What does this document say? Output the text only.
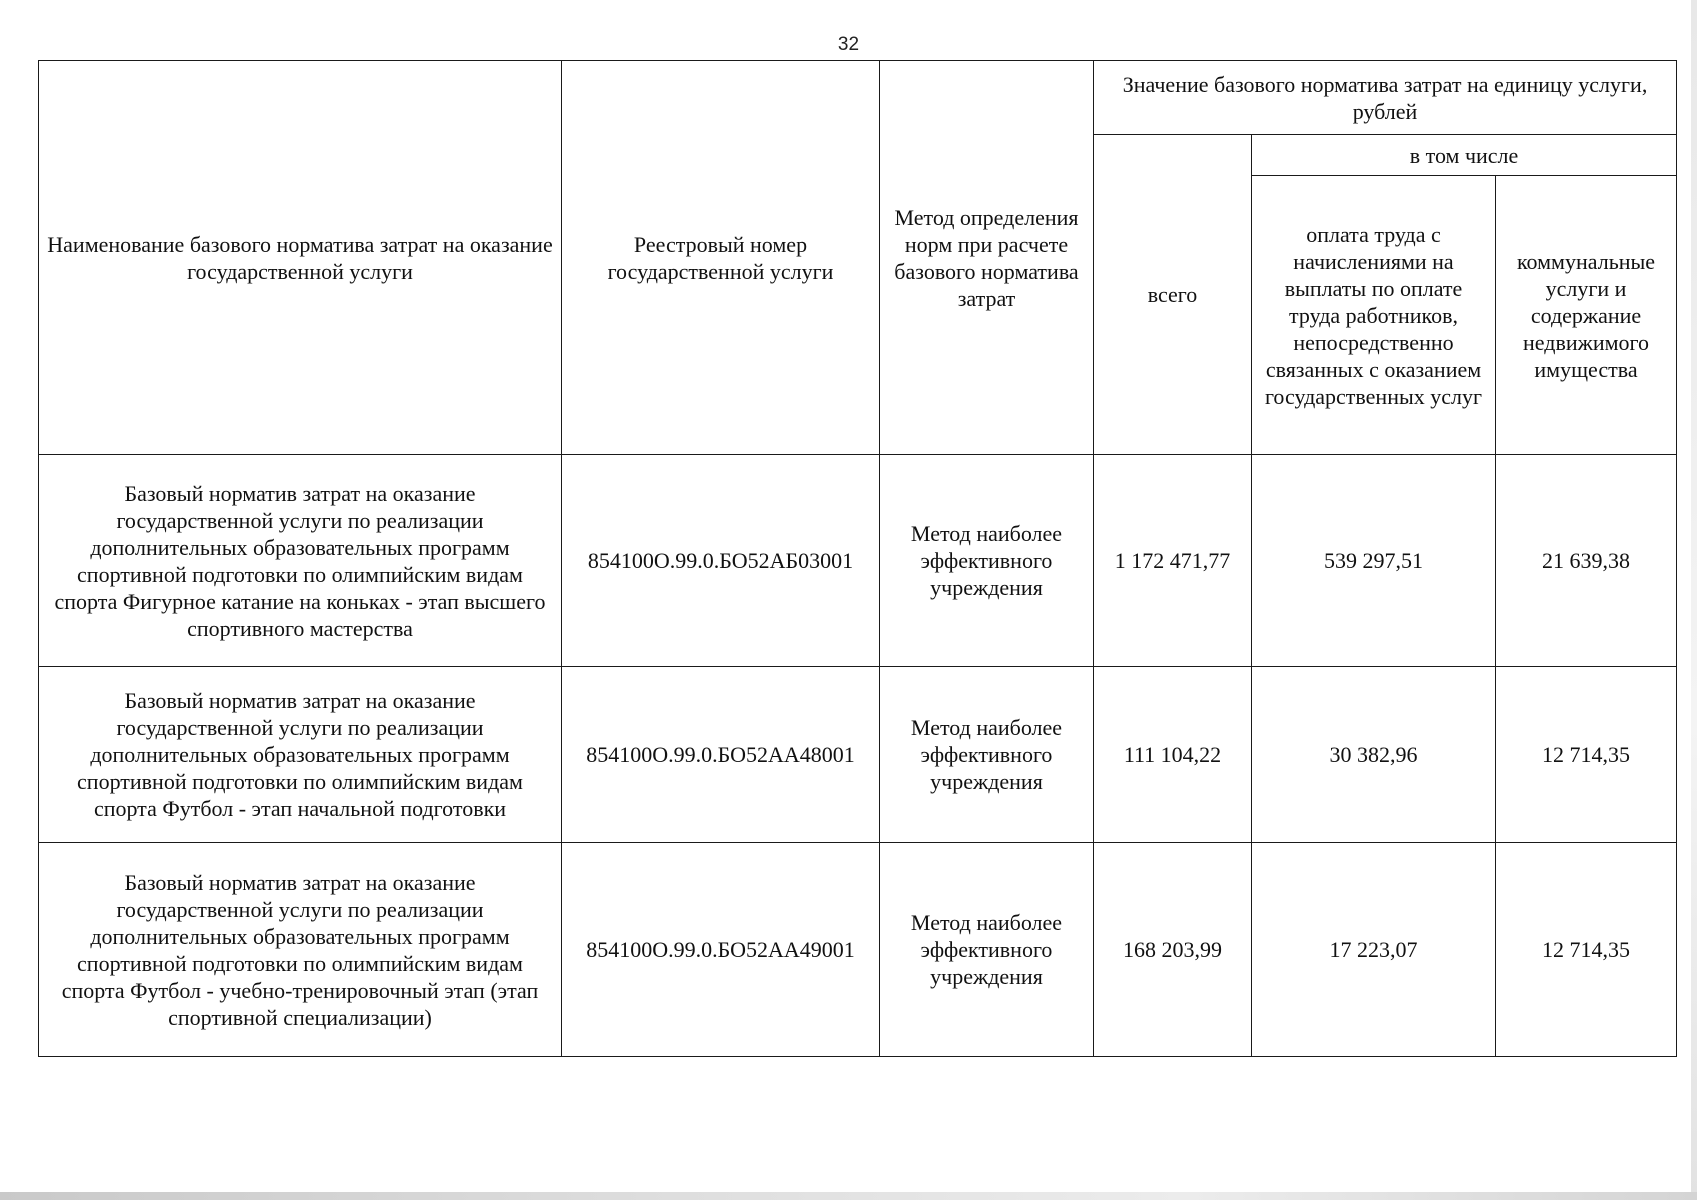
32
Наименование базового норматива затрат на оказание государственной услуги	Реестровый номер государственной услуги	Метод определения норм при расчете базового норматива затрат	Значение базового норматива затрат на единицу услуги, рублей		
			всего	в том числе	
				оплата труда с начислениями на выплаты по оплате труда работников, непосредственно связанных с оказанием государственных услуг	коммунальные услуги и содержание недвижимого имущества
Базовый норматив затрат на оказание государственной услуги по реализации дополнительных образовательных программ спортивной подготовки по олимпийским видам спорта Фигурное катание на коньках - этап высшего спортивного мастерства	854100О.99.0.БО52АБ03001	Метод наиболее эффективного учреждения	1 172 471,77	539 297,51	21 639,38
Базовый норматив затрат на оказание государственной услуги по реализации дополнительных образовательных программ спортивной подготовки по олимпийским видам спорта Футбол - этап начальной подготовки	854100О.99.0.БО52АА48001	Метод наиболее эффективного учреждения	111 104,22	30 382,96	12 714,35
Базовый норматив затрат на оказание государственной услуги по реализации дополнительных образовательных программ спортивной подготовки по олимпийским видам спорта Футбол - учебно-тренировочный этап (этап спортивной специализации)	854100О.99.0.БО52АА49001	Метод наиболее эффективного учреждения	168 203,99	17 223,07	12 714,35
